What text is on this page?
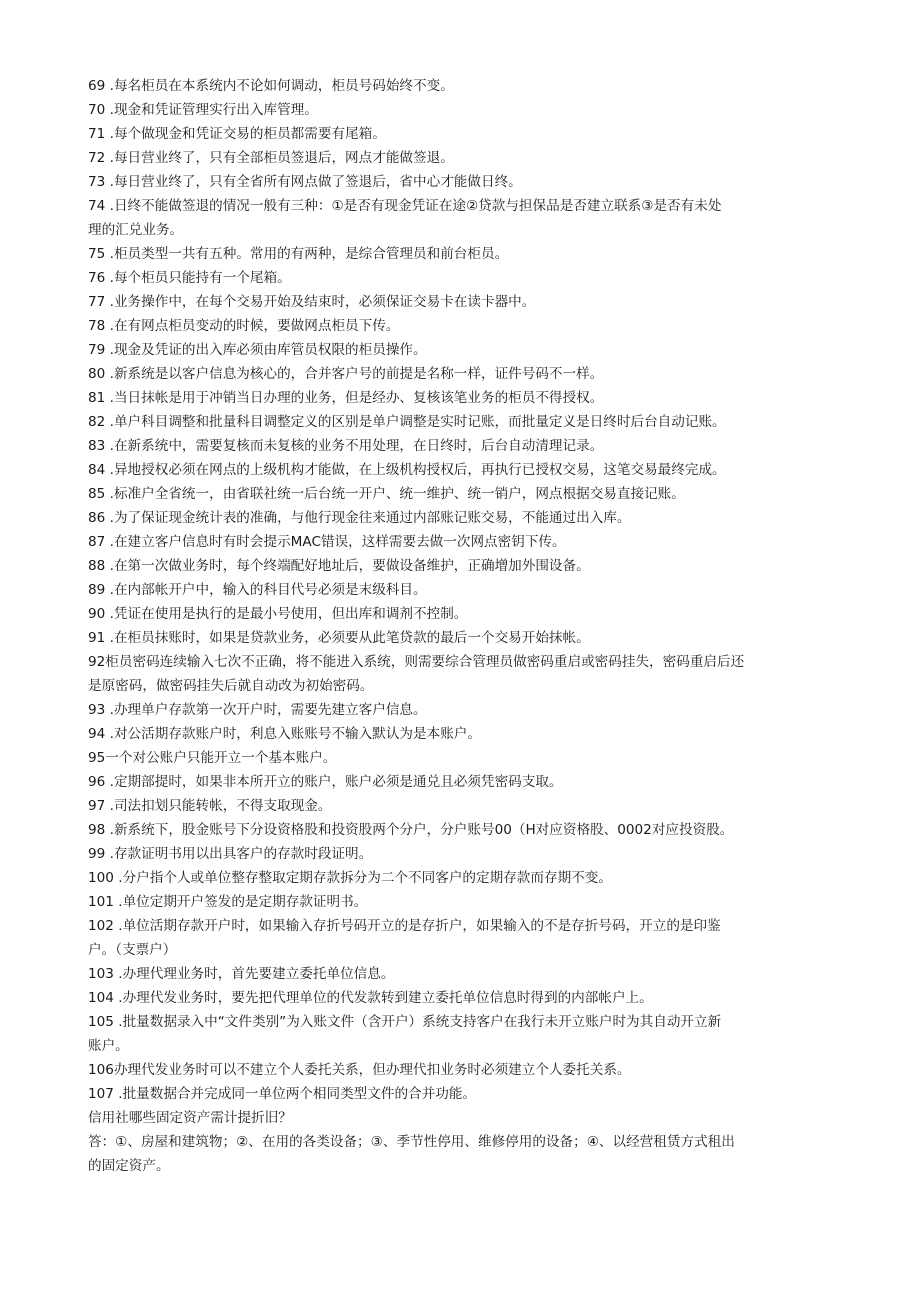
69 .每名柜员在本系统内不论如何调动，柜员号码始终不变。
70 .现金和凭证管理实行出入库管理。
71 .每个做现金和凭证交易的柜员都需要有尾箱。
72 .每日营业终了，只有全部柜员签退后，网点才能做签退。
73 .每日营业终了，只有全省所有网点做了签退后，省中心才能做日终。
74 .日终不能做签退的情况一般有三种：①是否有现金凭证在途②贷款与担保品是否建立联系③是否有未处
理的汇兑业务。
75 .柜员类型一共有五种。常用的有两种，是综合管理员和前台柜员。
76 .每个柜员只能持有一个尾箱。
77 .业务操作中，在每个交易开始及结束时，必须保证交易卡在读卡器中。
78 .在有网点柜员变动的时候，要做网点柜员下传。
79 .现金及凭证的出入库必须由库管员权限的柜员操作。
80 .新系统是以客户信息为核心的，合并客户号的前提是名称一样，证件号码不一样。
81 .当日抹帐是用于冲销当日办理的业务，但是经办、复核该笔业务的柜员不得授权。
82 .单户科目调整和批量科目调整定义的区别是单户调整是实时记账，而批量定义是日终时后台自动记账。
83 .在新系统中，需要复核而未复核的业务不用处理，在日终时，后台自动清理记录。
84 .异地授权必须在网点的上级机构才能做，在上级机构授权后，再执行已授权交易，这笔交易最终完成。
85 .标准户全省统一，由省联社统一后台统一开户、统一维护、统一销户，网点根据交易直接记账。
86 .为了保证现金统计表的准确，与他行现金往来通过内部账记账交易，不能通过出入库。
87 .在建立客户信息时有时会提示MAC错误，这样需要去做一次网点密钥下传。
88 .在第一次做业务时，每个终端配好地址后，要做设备维护，正确增加外围设备。
89 .在内部帐开户中，输入的科目代号必须是末级科目。
90 .凭证在使用是执行的是最小号使用，但出库和调剂不控制。
91 .在柜员抹账时，如果是贷款业务，必须要从此笔贷款的最后一个交易开始抹帐。
92柜员密码连续输入七次不正确，将不能进入系统，则需要综合管理员做密码重启或密码挂失，密码重启后还
是原密码，做密码挂失后就自动改为初始密码。
93 .办理单户存款第一次开户时，需要先建立客户信息。
94 .对公活期存款账户时，利息入账账号不输入默认为是本账户。
95一个对公账户只能开立一个基本账户。
96 .定期部提时，如果非本所开立的账户，账户必须是通兑且必须凭密码支取。
97 .司法扣划只能转帐，不得支取现金。
98 .新系统下，股金账号下分设资格股和投资股两个分户，分户账号00（H对应资格股、0002对应投资股。
99 .存款证明书用以出具客户的存款时段证明。
100 .分户指个人或单位整存整取定期存款拆分为二个不同客户的定期存款而存期不变。
101 .单位定期开户签发的是定期存款证明书。
102 .单位活期存款开户时，如果输入存折号码开立的是存折户，如果输入的不是存折号码，开立的是印鉴
户。（支票户）
103 .办理代理业务时，首先要建立委托单位信息。
104 .办理代发业务时，要先把代理单位的代发款转到建立委托单位信息时得到的内部帐户上。
105 .批量数据录入中“文件类别”为入账文件（含开户）系统支持客户在我行未开立账户时为其自动开立新
账户。
106办理代发业务时可以不建立个人委托关系，但办理代扣业务时必须建立个人委托关系。
107 .批量数据合并完成同一单位两个相同类型文件的合并功能。
信用社哪些固定资产需计提折旧？
答：①、房屋和建筑物；②、在用的各类设备；③、季节性停用、维修停用的设备；④、以经营租赁方式租出
的固定资产。
